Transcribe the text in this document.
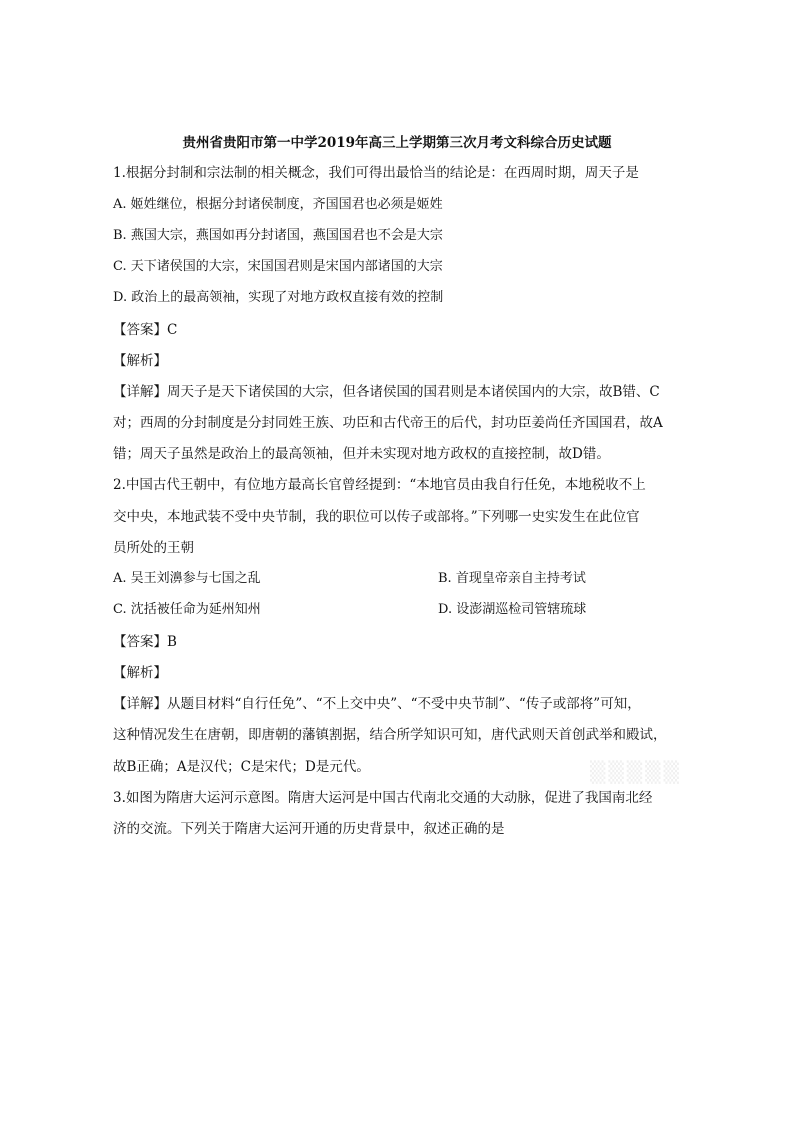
贵州省贵阳市第一中学2019年高三上学期第三次月考文科综合历史试题
1.根据分封制和宗法制的相关概念，我们可得出最恰当的结论是：在西周时期，周天子是
A. 姬姓继位，根据分封诸侯制度，齐国国君也必须是姬姓
B. 燕国大宗，燕国如再分封诸国，燕国国君也不会是大宗
C. 天下诸侯国的大宗，宋国国君则是宋国内部诸国的大宗
D. 政治上的最高领袖，实现了对地方政权直接有效的控制
【答案】C
【解析】
【详解】周天子是天下诸侯国的大宗，但各诸侯国的国君则是本诸侯国内的大宗，故B错、C
对；西周的分封制度是分封同姓王族、功臣和古代帝王的后代，封功臣姜尚任齐国国君，故A
错；周天子虽然是政治上的最高领袖，但并未实现对地方政权的直接控制，故D错。
2.中国古代王朝中，有位地方最高长官曾经提到：“本地官员由我自行任免，本地税收不上
交中央，本地武装不受中央节制，我的职位可以传子或部将。”下列哪一史实发生在此位官
员所处的王朝
A. 吴王刘濞参与七国之乱	B. 首现皇帝亲自主持考试
C. 沈括被任命为延州知州	D. 设澎湖巡检司管辖琉球
【答案】B
【解析】
【详解】从题目材料“自行任免”、“不上交中央”、“不受中央节制”、“传子或部将”可知，
这种情况发生在唐朝，即唐朝的藩镇割据，结合所学知识可知，唐代武则天首创武举和殿试，
故B正确；A是汉代；C是宋代；D是元代。
3.如图为隋唐大运河示意图。隋唐大运河是中国古代南北交通的大动脉，促进了我国南北经
济的交流。下列关于隋唐大运河开通的历史背景中，叙述正确的是
▒▒▒▒▒
